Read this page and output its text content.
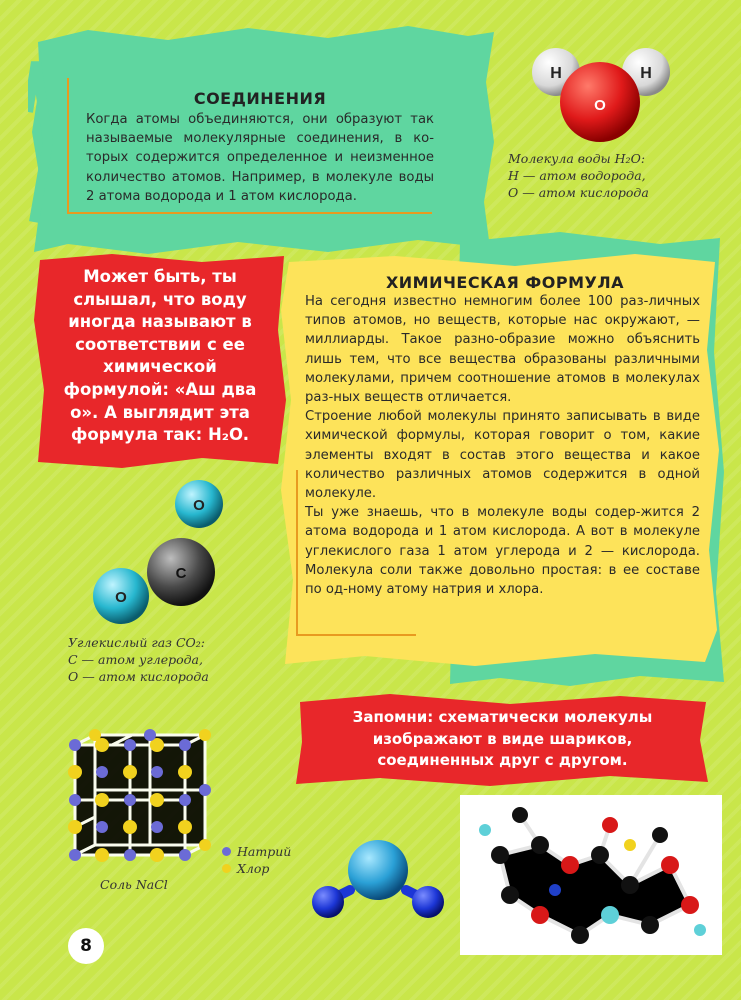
СОЕДИНЕНИЯ
Когда атомы объединяются, они образуют так называемые молекулярные соединения, в ко-торых содержится определенное и неизменное количество атомов. Например, в молекуле воды 2 атома водорода и 1 атом кислорода.
H	H
O
Молекула воды H₂O:
H — атом водорода,
O — атом кислорода
ХИМИЧЕСКАЯ ФОРМУЛА
На сегодня известно немногим более 100 раз-личных типов атомов, но веществ, которые нас окружают, — миллиарды. Такое разно-образие можно объяснить лишь тем, что все вещества образованы различными молекулами, причем соотношение атомов в молекулах раз-ных веществ отличается.
Строение любой молекулы принято записывать в виде химической формулы, которая говорит о том, какие элементы входят в состав этого вещества и какое количество различных атомов содержится в одной молекуле.
Ты уже знаешь, что в молекуле воды содер-жится 2 атома водорода и 1 атом кислорода. А вот в молекуле углекислого газа 1 атом углерода и 2 — кислорода. Молекула соли также довольно простая: в ее составе по од-ному атому натрия и хлора.
Может быть, ты слышал, что воду иногда называют в соответствии с ее химической формулой: «Аш два о». А выглядит эта формула так: H₂O.
O
C
O
Углекислый газ CO₂:
C — атом углерода,
O — атом кислорода
Запомни: схематически молекулы изображают в виде шариков, соединенных друг с другом.
Соль NaCl
Натрий
Хлор
8
